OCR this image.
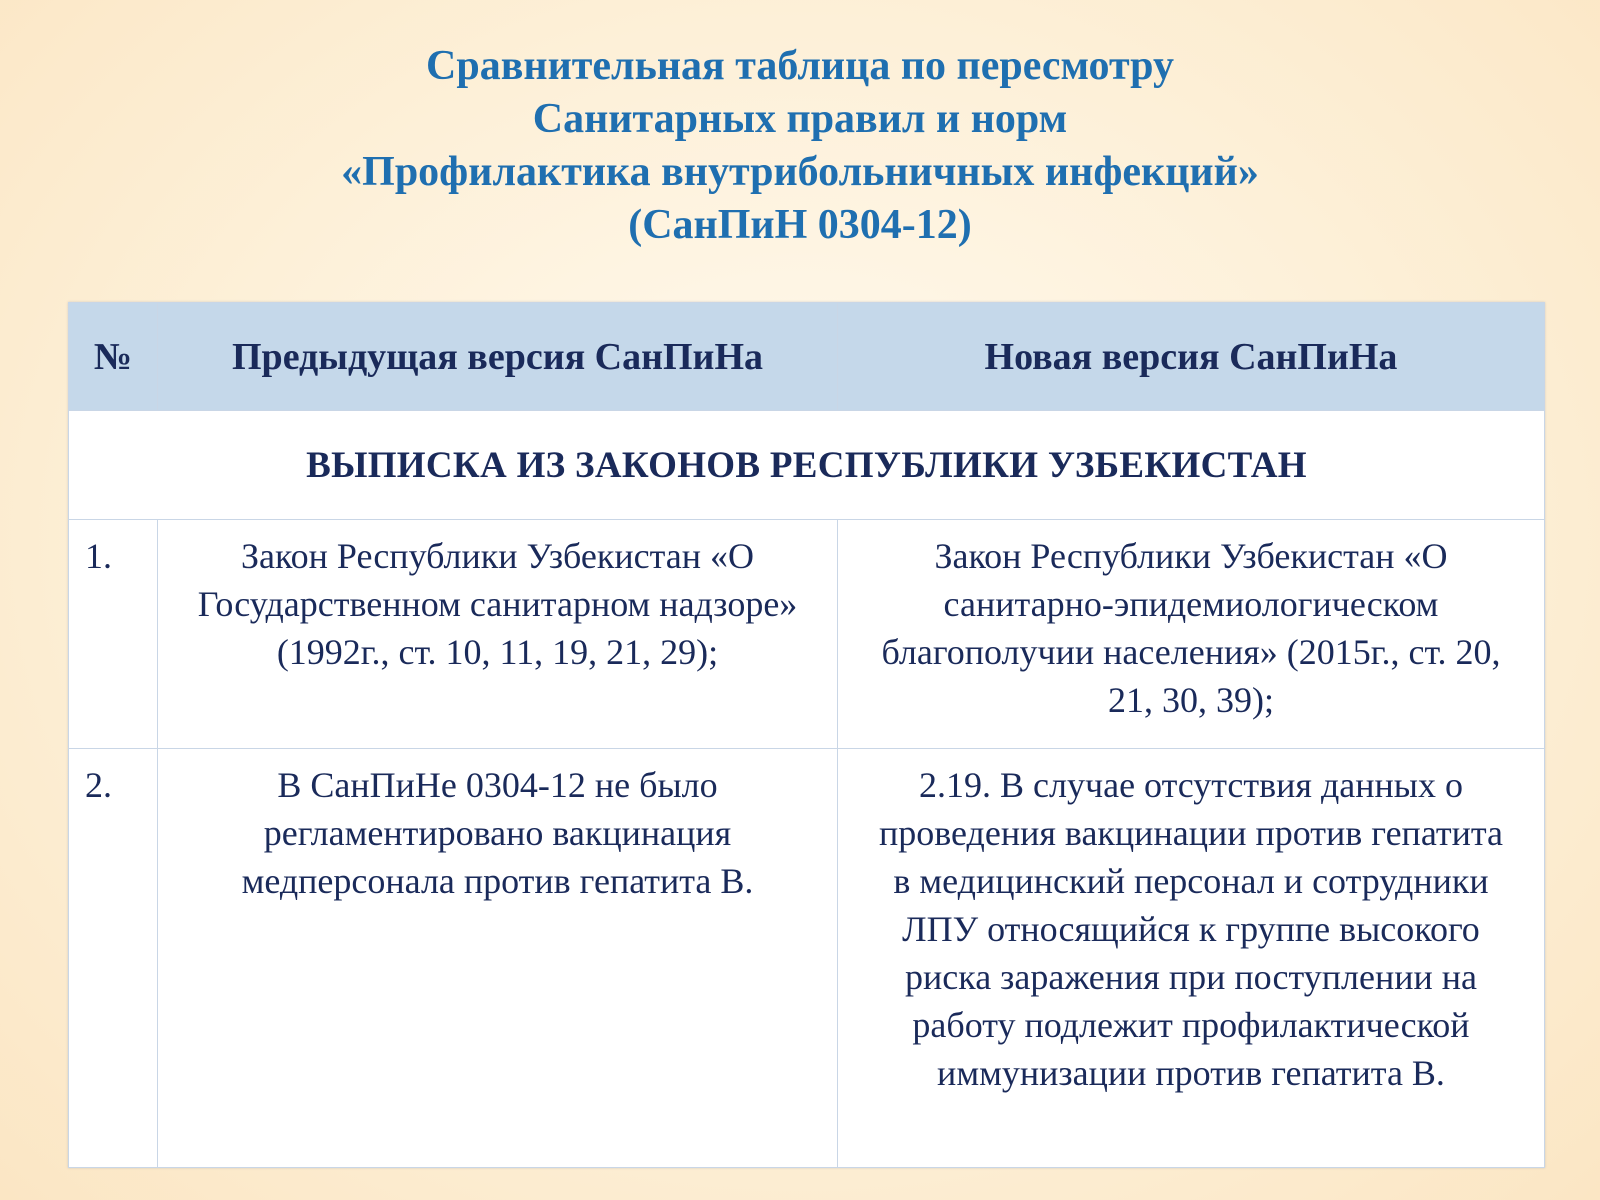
Сравнительная таблица по пересмотру
Санитарных правил и норм
«Профилактика внутрибольничных инфекций»
(СанПиН 0304-12)
№	Предыдущая версия СанПиНа	Новая версия СанПиНа
ВЫПИСКА ИЗ ЗАКОНОВ РЕСПУБЛИКИ УЗБЕКИСТАН		
1.	Закон Республики Узбекистан «О Государственном санитарном надзоре» (1992г., ст. 10, 11, 19, 21, 29);	Закон Республики Узбекистан «О санитарно-эпидемиологическом благополучии населения» (2015г., ст. 20, 21, 30, 39);
2.	В СанПиНе 0304-12 не было регламентировано вакцинация медперсонала против гепатита В.	2.19. В случае отсутствия данных о проведения вакцинации против гепатита в медицинский персонал и сотрудники ЛПУ относящийся к группе высокого риска заражения при поступлении на работу подлежит профилактической иммунизации против гепатита В.
